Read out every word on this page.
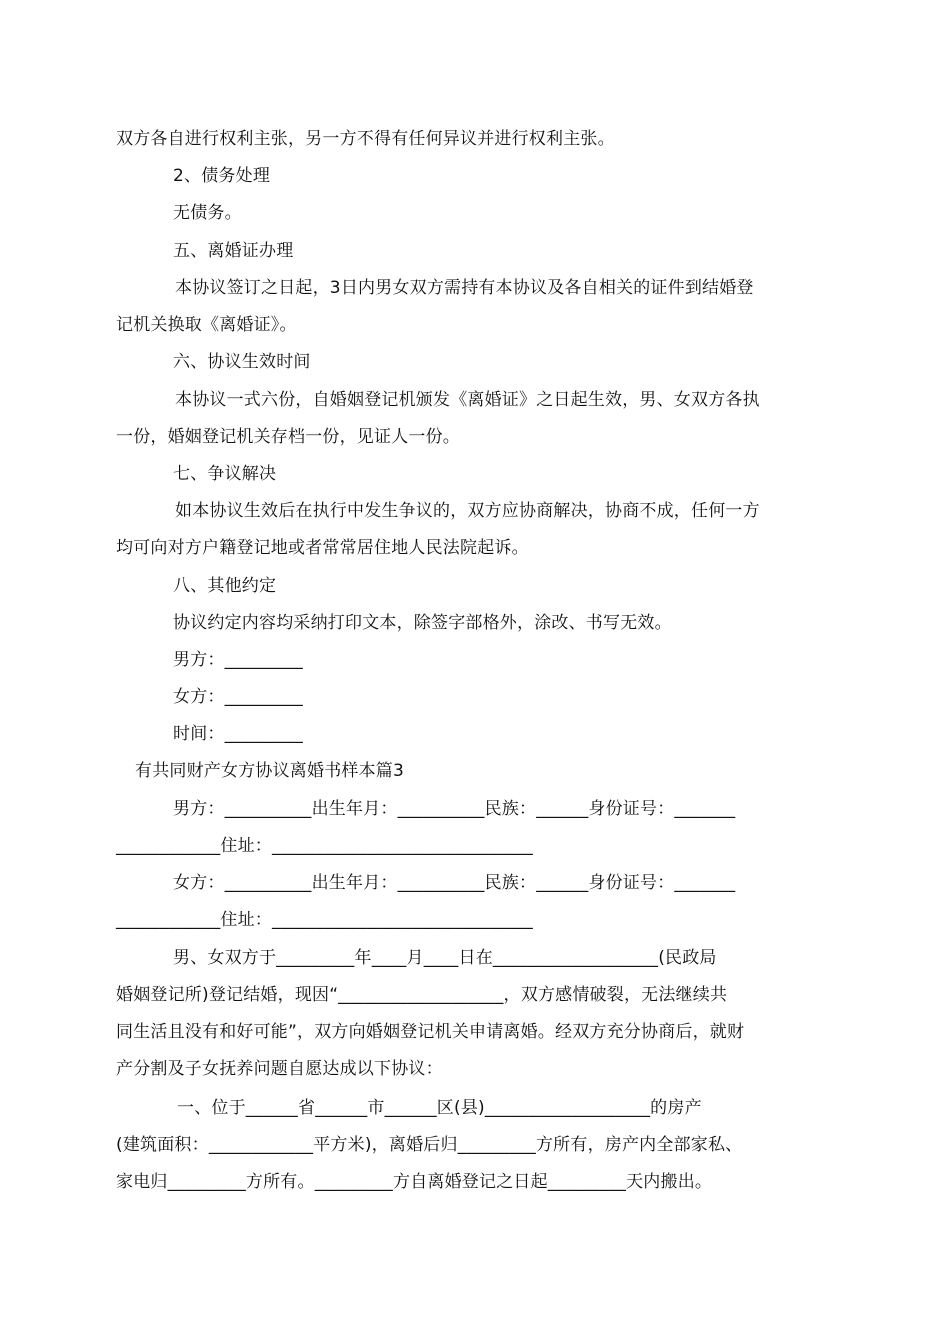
双方各自进行权利主张，另一方不得有任何异议并进行权利主张。

2、债务处理

无债务。

五、离婚证办理

本协议签订之日起，3日内男女双方需持有本协议及各自相关的证件到结婚登

记机关换取《离婚证》。

六、协议生效时间

本协议一式六份，自婚姻登记机颁发《离婚证》之日起生效，男、女双方各执

一份，婚姻登记机关存档一份，见证人一份。

七、争议解决

如本协议生效后在执行中发生争议的，双方应协商解决，协商不成，任何一方

均可向对方户籍登记地或者常常居住地人民法院起诉。

八、其他约定

协议约定内容均采纳打印文本，除签字部格外，涂改、书写无效。

男方：_________

女方：_________

时间：_________

有共同财产女方协议离婚书样本篇3

男方：__________出生年月：__________民族：______身份证号：_______

____________住址：______________________________

女方：__________出生年月：__________民族：______身份证号：_______

____________住址：______________________________

男、女双方于_________年____月____日在___________________(民政局

婚姻登记所)登记结婚，现因“___________________，双方感情破裂，无法继续共

同生活且没有和好可能”，双方向婚姻登记机关申请离婚。经双方充分协商后，就财

产分割及子女抚养问题自愿达成以下协议：

一、位于______省______市______区(县)___________________的房产

(建筑面积：____________平方米)，离婚后归_________方所有，房产内全部家私、

家电归_________方所有。_________方自离婚登记之日起_________天内搬出。
